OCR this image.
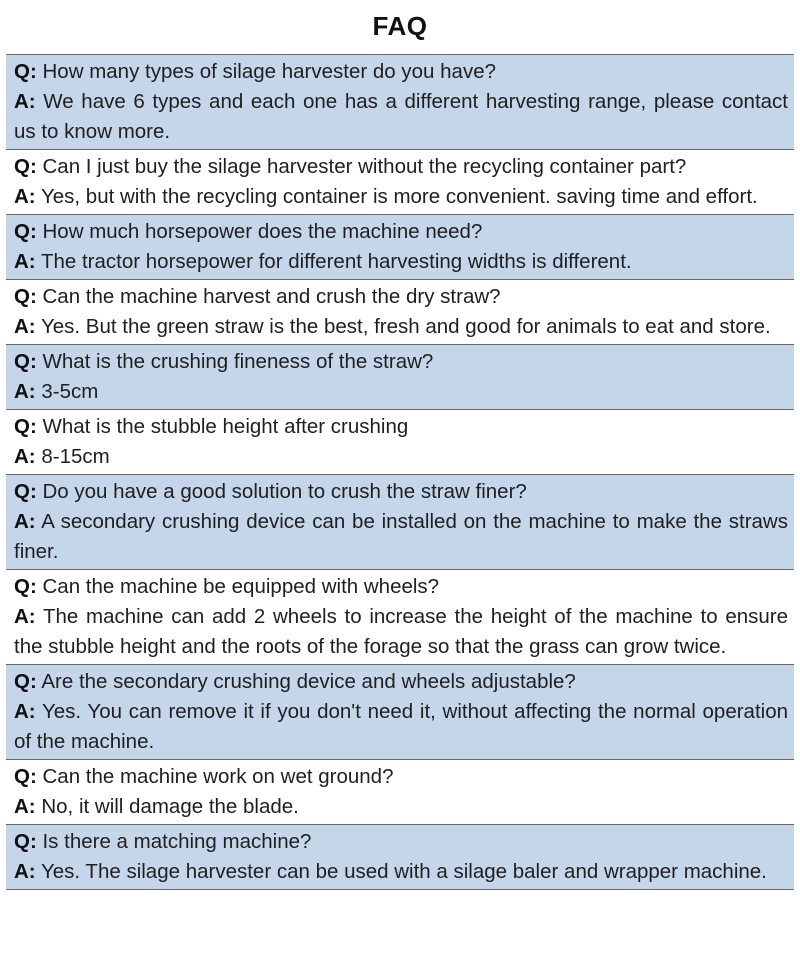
FAQ
Q: How many types of silage harvester do you have?
A: We have 6 types and each one has a different harvesting range, please contact us to know more.
Q: Can I just buy the silage harvester without the recycling container part?
A: Yes, but with the recycling container is more convenient. saving time and effort.
Q: How much horsepower does the machine need?
A: The tractor horsepower for different harvesting widths is different.
Q: Can the machine harvest and crush the dry straw?
A: Yes. But the green straw is the best, fresh and good for animals to eat and store.
Q: What is the crushing fineness of the straw?
A: 3-5cm
Q: What is the stubble height after crushing
A: 8-15cm
Q: Do you have a good solution to crush the straw finer?
A: A secondary crushing device can be installed on the machine to make the straws finer.
Q: Can the machine be equipped with wheels?
A: The machine can add 2 wheels to increase the height of the machine to ensure the stubble height and the roots of the forage so that the grass can grow twice.
Q: Are the secondary crushing device and wheels adjustable?
A: Yes. You can remove it if you don't need it, without affecting the normal operation of the machine.
Q: Can the machine work on wet ground?
A: No, it will damage the blade.
Q: Is there a matching machine?
A: Yes. The silage harvester can be used with a silage baler and wrapper machine.
